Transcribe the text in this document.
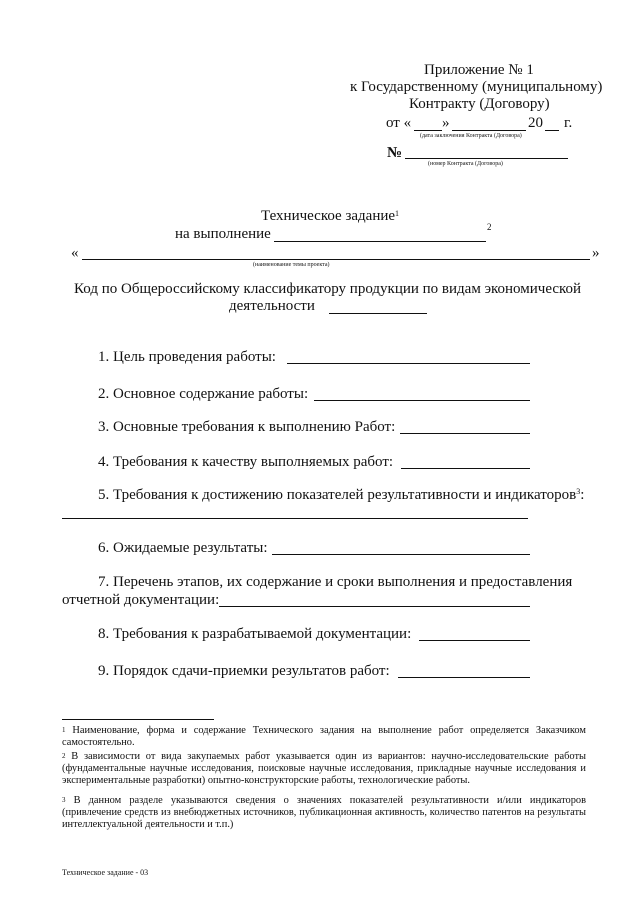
Приложение № 1
к Государственному (муниципальному)
Контракту (Договору)
от « »	20 г.
(дата заключения Контракта (Договора)
№
(номер Контракта (Договора)
Техническое задание$^1$
на выполнение	2
«	»
(наименование темы проекта)
Код по Общероссийскому классификатору продукции по видам экономической
деятельности
1. Цель проведения работы:
2. Основное содержание работы:
3. Основные требования к выполнению Работ:
4. Требования к качеству выполняемых работ:
5. Требования к достижению показателей результативности и индикаторов$^3$:
6. Ожидаемые результаты:
7. Перечень этапов, их содержание и сроки выполнения и предоставления
отчетной документации:
8. Требования к разрабатываемой документации:
9. Порядок сдачи-приемки результатов работ:
$^1$ Наименование, форма и содержание Технического задания на выполнение работ определяется Заказчиком самостоятельно.
$^2$ В зависимости от вида закупаемых работ указывается один из вариантов: научно-исследовательские работы (фундаментальные научные исследования, поисковые научные исследования, прикладные научные исследования и экспериментальные разработки) опытно-конструкторские работы, технологические работы.
$^3$ В данном разделе указываются сведения о значениях показателей результативности и/или индикаторов (привлечение средств из внебюджетных источников, публикационная активность, количество патентов на результаты интеллектуальной деятельности и т.п.)
Техническое задание - 03
